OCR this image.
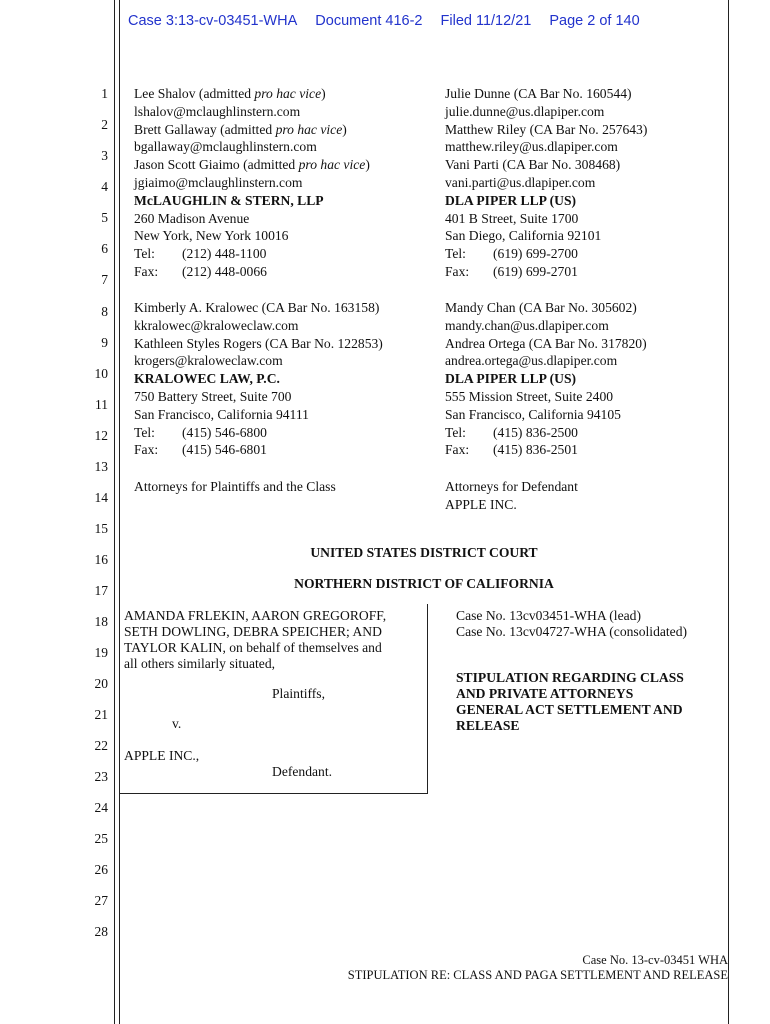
Case 3:13-cv-03451-WHA Document 416-2 Filed 11/12/21 Page 2 of 140
1
2
3
4
5
6
7
8
9
10
11
12
13
14
15
16
17
18
19
20
21
22
23
24
25
26
27
28
Lee Shalov (admitted pro hac vice)
lshalov@mclaughlinstern.com
Brett Gallaway (admitted pro hac vice)
bgallaway@mclaughlinstern.com
Jason Scott Giaimo (admitted pro hac vice)
jgiaimo@mclaughlinstern.com
McLAUGHLIN & STERN, LLP
260 Madison Avenue
New York, New York 10016
Tel: (212) 448-1100
Fax: (212) 448-0066
Julie Dunne (CA Bar No. 160544)
julie.dunne@us.dlapiper.com
Matthew Riley (CA Bar No. 257643)
matthew.riley@us.dlapiper.com
Vani Parti (CA Bar No. 308468)
vani.parti@us.dlapiper.com
DLA PIPER LLP (US)
401 B Street, Suite 1700
San Diego, California 92101
Tel: (619) 699-2700
Fax: (619) 699-2701
Kimberly A. Kralowec (CA Bar No. 163158)
kkralowec@kraloweclaw.com
Kathleen Styles Rogers (CA Bar No. 122853)
krogers@kraloweclaw.com
KRALOWEC LAW, P.C.
750 Battery Street, Suite 700
San Francisco, California 94111
Tel: (415) 546-6800
Fax: (415) 546-6801
Attorneys for Plaintiffs and the Class
Mandy Chan (CA Bar No. 305602)
mandy.chan@us.dlapiper.com
Andrea Ortega (CA Bar No. 317820)
andrea.ortega@us.dlapiper.com
DLA PIPER LLP (US)
555 Mission Street, Suite 2400
San Francisco, California 94105
Tel: (415) 836-2500
Fax: (415) 836-2501
Attorneys for Defendant
APPLE INC.
UNITED STATES DISTRICT COURT
NORTHERN DISTRICT OF CALIFORNIA
AMANDA FRLEKIN, AARON GREGOROFF,
SETH DOWLING, DEBRA SPEICHER; AND
TAYLOR KALIN, on behalf of themselves and
all others similarly situated,
Plaintiffs,
v.
APPLE INC.,
Defendant.
Case No. 13cv03451-WHA (lead)
Case No. 13cv04727-WHA (consolidated)
STIPULATION REGARDING CLASS
AND PRIVATE ATTORNEYS
GENERAL ACT SETTLEMENT AND
RELEASE
Case No. 13-cv-03451 WHA
STIPULATION RE: CLASS AND PAGA SETTLEMENT AND RELEASE
